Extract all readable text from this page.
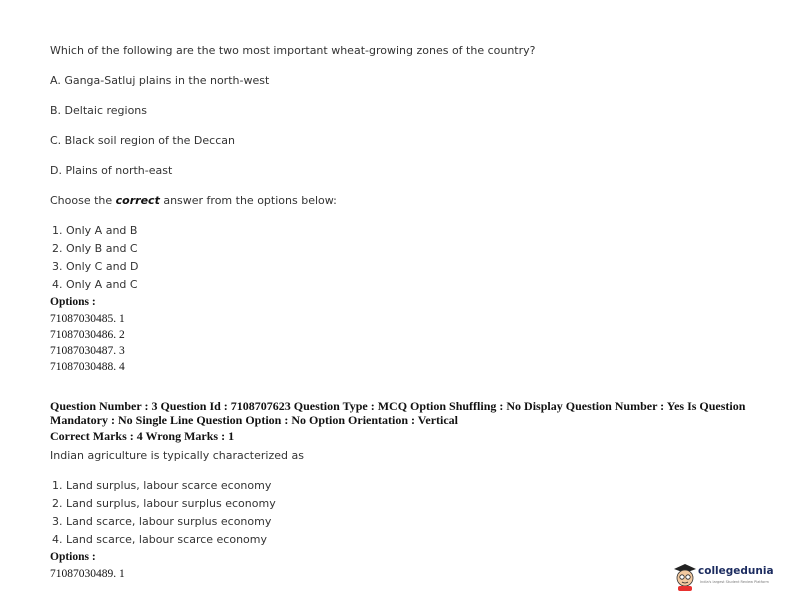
Which of the following are the two most important wheat-growing zones of the country?
A. Ganga-Satluj plains in the north-west
B. Deltaic regions
C. Black soil region of the Deccan
D. Plains of north-east
Choose the correct answer from the options below:
1. Only A and B
2. Only B and C
3. Only C and D
4. Only A and C
Options :
71087030485. 1
71087030486. 2
71087030487. 3
71087030488. 4
Question Number : 3 Question Id : 7108707623 Question Type : MCQ Option Shuffling : No Display Question Number : Yes Is Question
Mandatory : No Single Line Question Option : No Option Orientation : Vertical
Correct Marks : 4 Wrong Marks : 1
Indian agriculture is typically characterized as
1. Land surplus, labour scarce economy
2. Land surplus, labour surplus economy
3. Land scarce, labour surplus economy
4. Land scarce, labour scarce economy
Options :
71087030489. 1	collegedunia
India's largest Student Review Platform
